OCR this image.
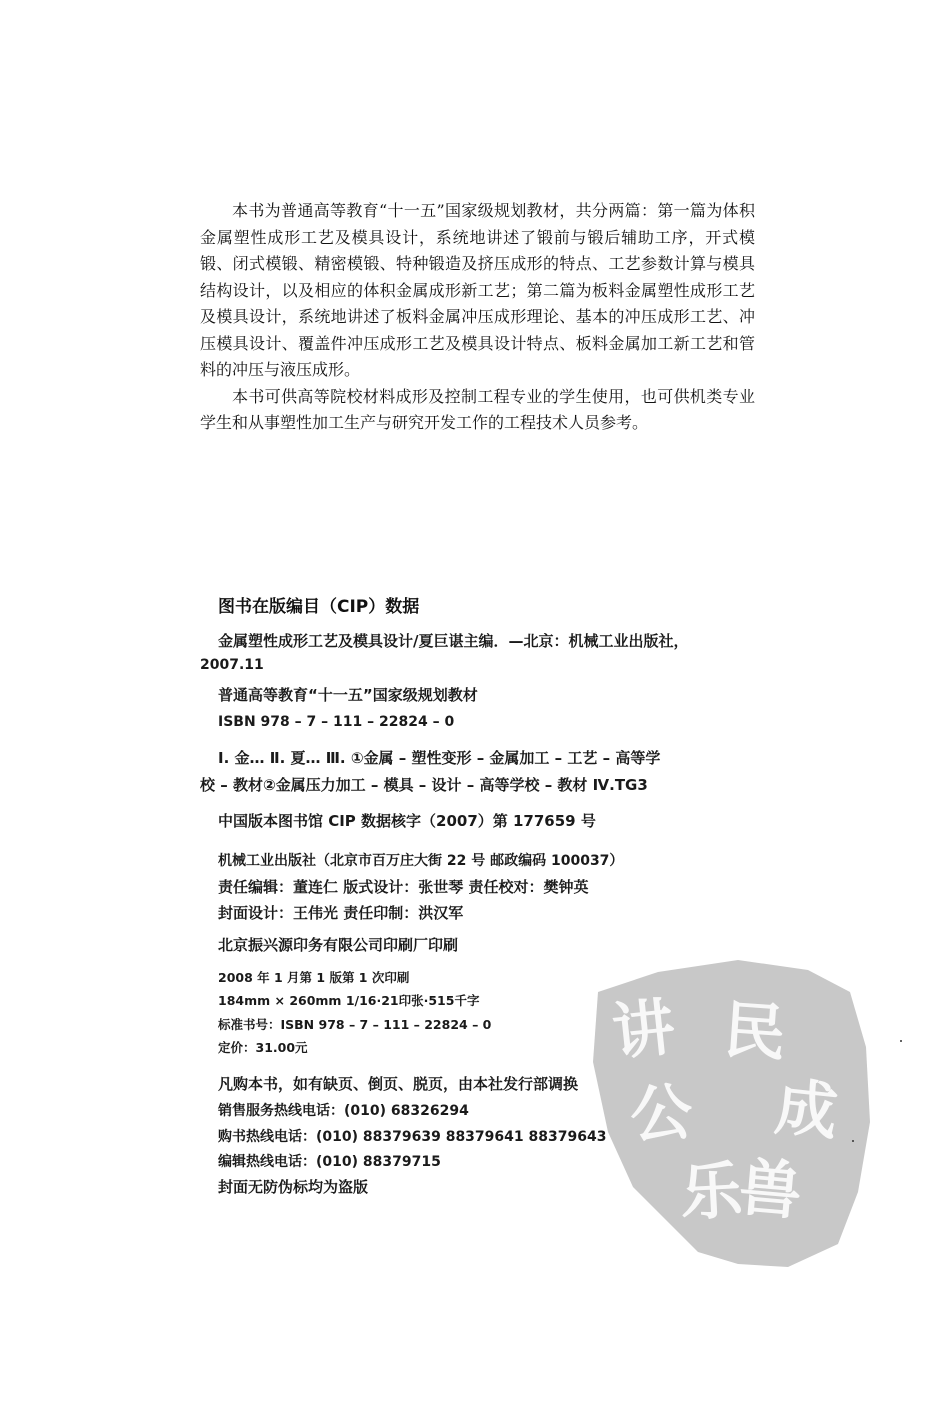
本书为普通高等教育“十一五”国家级规划教材，共分两篇：第一篇为体积金属塑性成形工艺及模具设计，系统地讲述了锻前与锻后辅助工序，开式模锻、闭式模锻、精密模锻、特种锻造及挤压成形的特点、工艺参数计算与模具结构设计，以及相应的体积金属成形新工艺；第二篇为板料金属塑性成形工艺及模具设计，系统地讲述了板料金属冲压成形理论、基本的冲压成形工艺、冲压模具设计、覆盖件冲压成形工艺及模具设计特点、板料金属加工新工艺和管料的冲压与液压成形。

本书可供高等院校材料成形及控制工程专业的学生使用，也可供机类专业学生和从事塑性加工生产与研究开发工作的工程技术人员参考。

图书在版编目（CIP）数据
金属塑性成形工艺及模具设计/夏巨谌主编．—北京：机械工业出版社，
2007.11
普通高等教育“十一五”国家级规划教材
ISBN 978 – 7 – 111 – 22824 – 0
Ⅰ. 金… Ⅱ. 夏… Ⅲ. ①金属 – 塑性变形 – 金属加工 – 工艺 – 高等学
校 – 教材②金属压力加工 – 模具 – 设计 – 高等学校 – 教材 Ⅳ.TG3
中国版本图书馆 CIP 数据核字（2007）第 177659 号
机械工业出版社（北京市百万庄大街 22 号 邮政编码 100037）
责任编辑：董连仁 版式设计：张世琴 责任校对：樊钟英
封面设计：王伟光 责任印制：洪汉军
北京振兴源印务有限公司印刷厂印刷
2008 年 1 月第 1 版第 1 次印刷
184mm × 260mm 1/16·21印张·515千字
标准书号：ISBN 978 – 7 – 111 – 22824 – 0
定价：31.00元
凡购本书，如有缺页、倒页、脱页，由本社发行部调换
销售服务热线电话：(010) 68326294
购书热线电话：(010) 88379639 88379641 88379643
编辑热线电话：(010) 88379715
封面无防伪标均为盗版
讲 民
成
公
乐
兽
